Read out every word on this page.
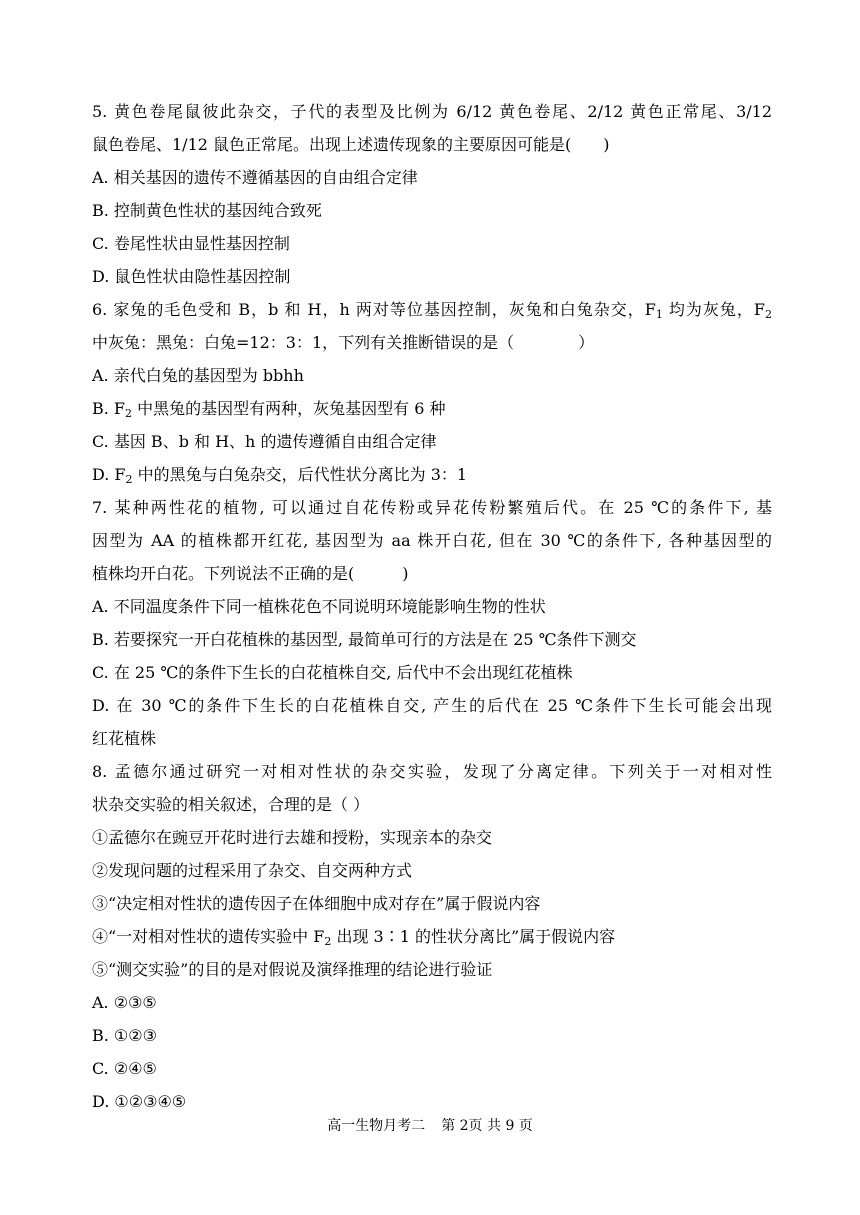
5. 黄色卷尾鼠彼此杂交，子代的表型及比例为 6/12 黄色卷尾、2/12 黄色正常尾、3/12
鼠色卷尾、1/12 鼠色正常尾。出现上述遗传现象的主要原因可能是(　　)
A. 相关基因的遗传不遵循基因的自由组合定律
B. 控制黄色性状的基因纯合致死
C. 卷尾性状由显性基因控制
D. 鼠色性状由隐性基因控制
6. 家兔的毛色受和 B，b 和 H，h 两对等位基因控制，灰兔和白兔杂交，$F_1$ 均为灰兔，$F_2$
中灰兔：黑兔：白兔=12：3：1，下列有关推断错误的是（　　　　）
A. 亲代白兔的基因型为 bbhh
B. $F_2$ 中黑兔的基因型有两种，灰兔基因型有 6 种
C. 基因 B、b 和 H、h 的遗传遵循自由组合定律
D. $F_2$ 中的黑兔与白兔杂交，后代性状分离比为 3：1
7. 某种两性花的植物, 可以通过自花传粉或异花传粉繁殖后代。在 25 ℃的条件下, 基
因型为 AA 的植株都开红花, 基因型为 aa 株开白花, 但在 30 ℃的条件下, 各种基因型的
植株均开白花。下列说法不正确的是(　　　)
A. 不同温度条件下同一植株花色不同说明环境能影响生物的性状
B. 若要探究一开白花植株的基因型, 最简单可行的方法是在 25 ℃条件下测交
C. 在 25 ℃的条件下生长的白花植株自交, 后代中不会出现红花植株
D. 在 30 ℃的条件下生长的白花植株自交, 产生的后代在 25 ℃条件下生长可能会出现
红花植株
8. 孟德尔通过研究一对相对性状的杂交实验，发现了分离定律。下列关于一对相对性
状杂交实验的相关叙述，合理的是（ ）
①孟德尔在豌豆开花时进行去雄和授粉，实现亲本的杂交
②发现问题的过程采用了杂交、自交两种方式
③“决定相对性状的遗传因子在体细胞中成对存在”属于假说内容
④“一对相对性状的遗传实验中 $F_2$ 出现 3∶1 的性状分离比”属于假说内容
⑤“测交实验”的目的是对假说及演绎推理的结论进行验证
A. ②③⑤
B. ①②③
C. ②④⑤
D. ①②③④⑤
高一生物月考二 第 2页 共 9 页
